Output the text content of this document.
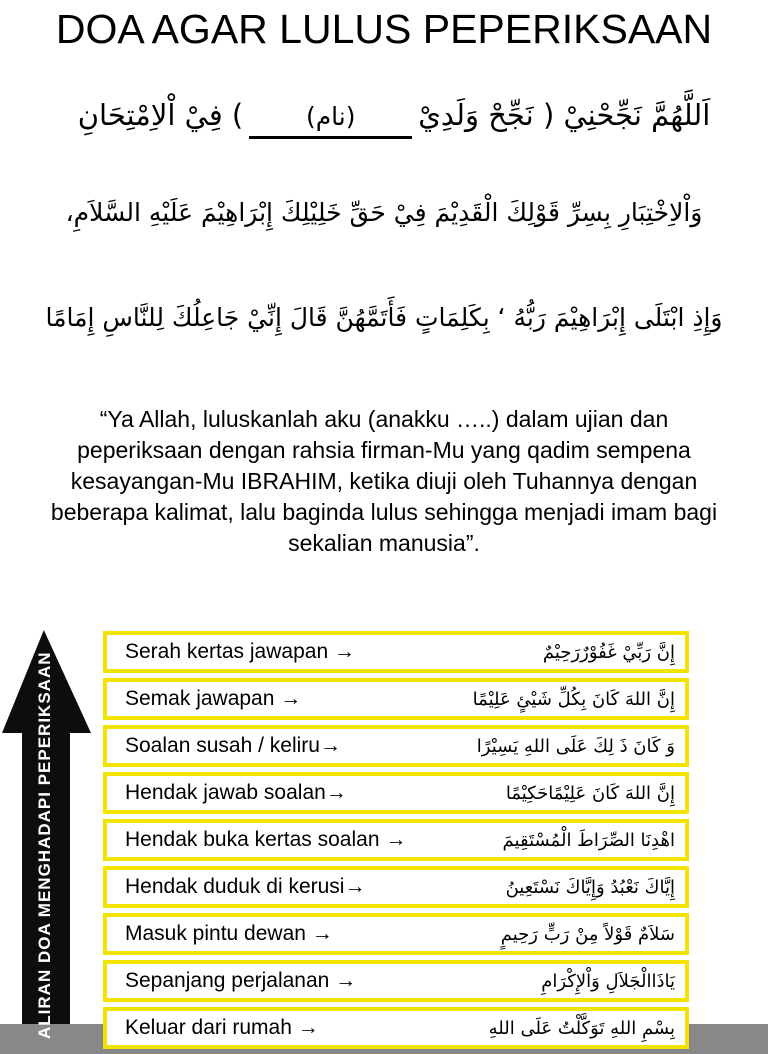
DOA AGAR LULUS PEPERIKSAAN
اَللَّهُمَّ نَجِّحْنِيْ ( نَجِّحْ وَلَدِيْ
(نام)
) فِيْ اْلاِمْتِحَانِ
وَاْلاِخْتِبَارِ بِسِرِّ قَوْلِكَ الْقَدِيْمَ فِيْ حَقِّ خَلِيْلِكَ إِبْرَاهِيْمَ عَلَيْهِ السَّلاَمِ،
وَإِذِ ابْتَلَى إِبْرَاهِيْمَ رَبُّهُ ‘ بِكَلِمَاتٍ فَأَتَمَّهُنَّ قَالَ إِنِّيْ جَاعِلُكَ لِلنَّاسِ إِمَامًا
“Ya Allah, luluskanlah aku (anakku …..) dalam ujian dan
peperiksaan dengan rahsia firman-Mu yang qadim sempena
kesayangan-Mu IBRAHIM, ketika diuji oleh Tuhannya dengan
beberapa kalimat, lalu baginda lulus sehingga menjadi imam bagi
sekalian manusia”.
ALIRAN DOA MENGHADAPI PEPERIKSAAN	Serah kertas jawapan →	إِنَّ رَبِّيْ غَفُوْرٌرَحِيْمٌ
Semak jawapan →	إِنَّ اللهَ كَانَ بِكُلِّ شَيْئٍ عَلِيْمًا
Soalan susah / keliru→	وَ كَانَ ذَ لِكَ عَلَى اللهِ يَسِيْرًا
Hendak jawab soalan→	إِنَّ اللهَ كَانَ عَلِيْمًاحَكِيْمًا
Hendak buka kertas soalan →	اهْدِنَا الصِّرَاطَ الْمُسْتَقِيمَ
Hendak duduk di kerusi→	إِيَّاكَ نَعْبُدُ وَإِيَّاكَ نَسْتَعِينُ
Masuk pintu dewan →	سَلاَمٌ قَوْلاً مِنْ رَبٍّ رَحِيمٍ
Sepanjang perjalanan →	يَاذَاالْجَلاَلِ وَاْلإِكْرَامِ
Keluar dari rumah →	بِسْمِ اللهِ تَوَكَّلْتُ عَلَى اللهِ
